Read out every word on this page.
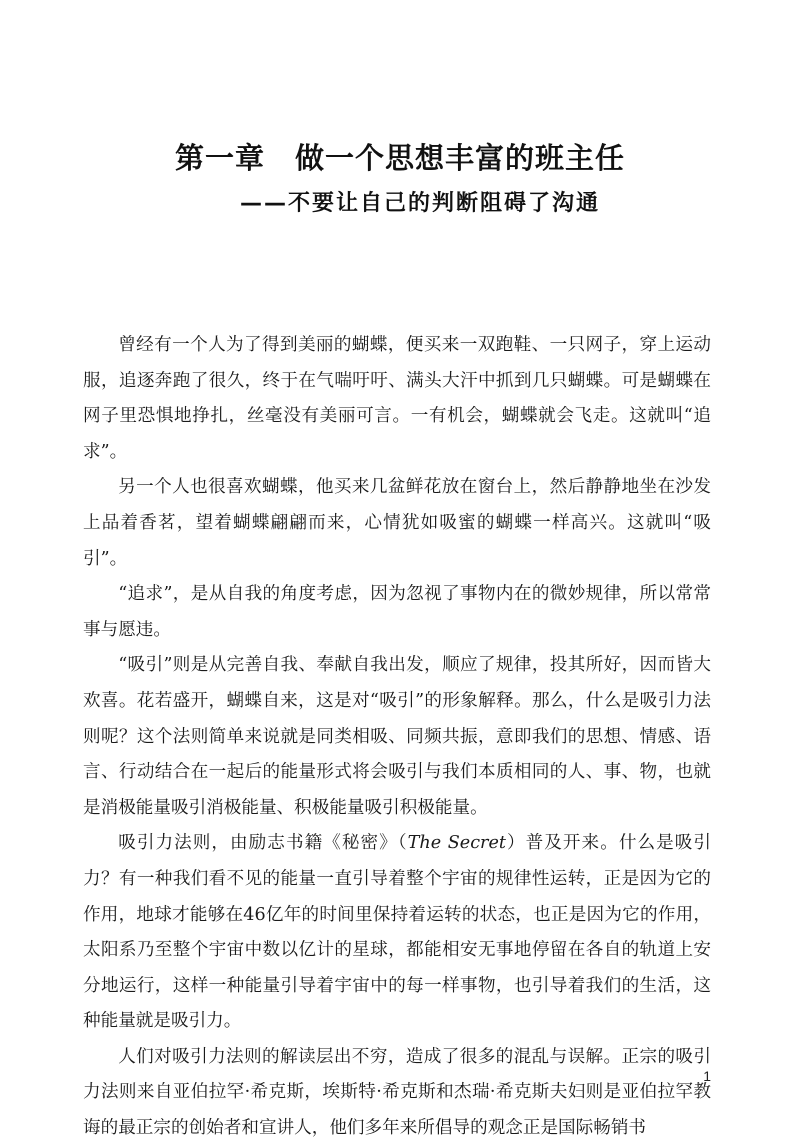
第一章 做一个思想丰富的班主任
——不要让自己的判断阻碍了沟通

曾经有一个人为了得到美丽的蝴蝶，便买来一双跑鞋、一只网子，穿上运动服，追逐奔跑了很久，终于在气喘吁吁、满头大汗中抓到几只蝴蝶。可是蝴蝶在网子里恐惧地挣扎，丝毫没有美丽可言。一有机会，蝴蝶就会飞走。这就叫“追求”。

另一个人也很喜欢蝴蝶，他买来几盆鲜花放在窗台上，然后静静地坐在沙发上品着香茗，望着蝴蝶翩翩而来，心情犹如吸蜜的蝴蝶一样高兴。这就叫“吸引”。

“追求”，是从自我的角度考虑，因为忽视了事物内在的微妙规律，所以常常事与愿违。

“吸引”则是从完善自我、奉献自我出发，顺应了规律，投其所好，因而皆大欢喜。花若盛开，蝴蝶自来，这是对“吸引”的形象解释。那么，什么是吸引力法则呢？这个法则简单来说就是同类相吸、同频共振，意即我们的思想、情感、语言、行动结合在一起后的能量形式将会吸引与我们本质相同的人、事、物，也就是消极能量吸引消极能量、积极能量吸引积极能量。

吸引力法则，由励志书籍《秘密》（The Secret）普及开来。什么是吸引力？有一种我们看不见的能量一直引导着整个宇宙的规律性运转，正是因为它的作用，地球才能够在46亿年的时间里保持着运转的状态，也正是因为它的作用，太阳系乃至整个宇宙中数以亿计的星球，都能相安无事地停留在各自的轨道上安分地运行，这样一种能量引导着宇宙中的每一样事物，也引导着我们的生活，这种能量就是吸引力。

人们对吸引力法则的解读层出不穷，造成了很多的混乱与误解。正宗的吸引力法则来自亚伯拉罕·希克斯，埃斯特·希克斯和杰瑞·希克斯夫妇则是亚伯拉罕教诲的最正宗的创始者和宣讲人，他们多年来所倡导的观念正是国际畅销书

1
